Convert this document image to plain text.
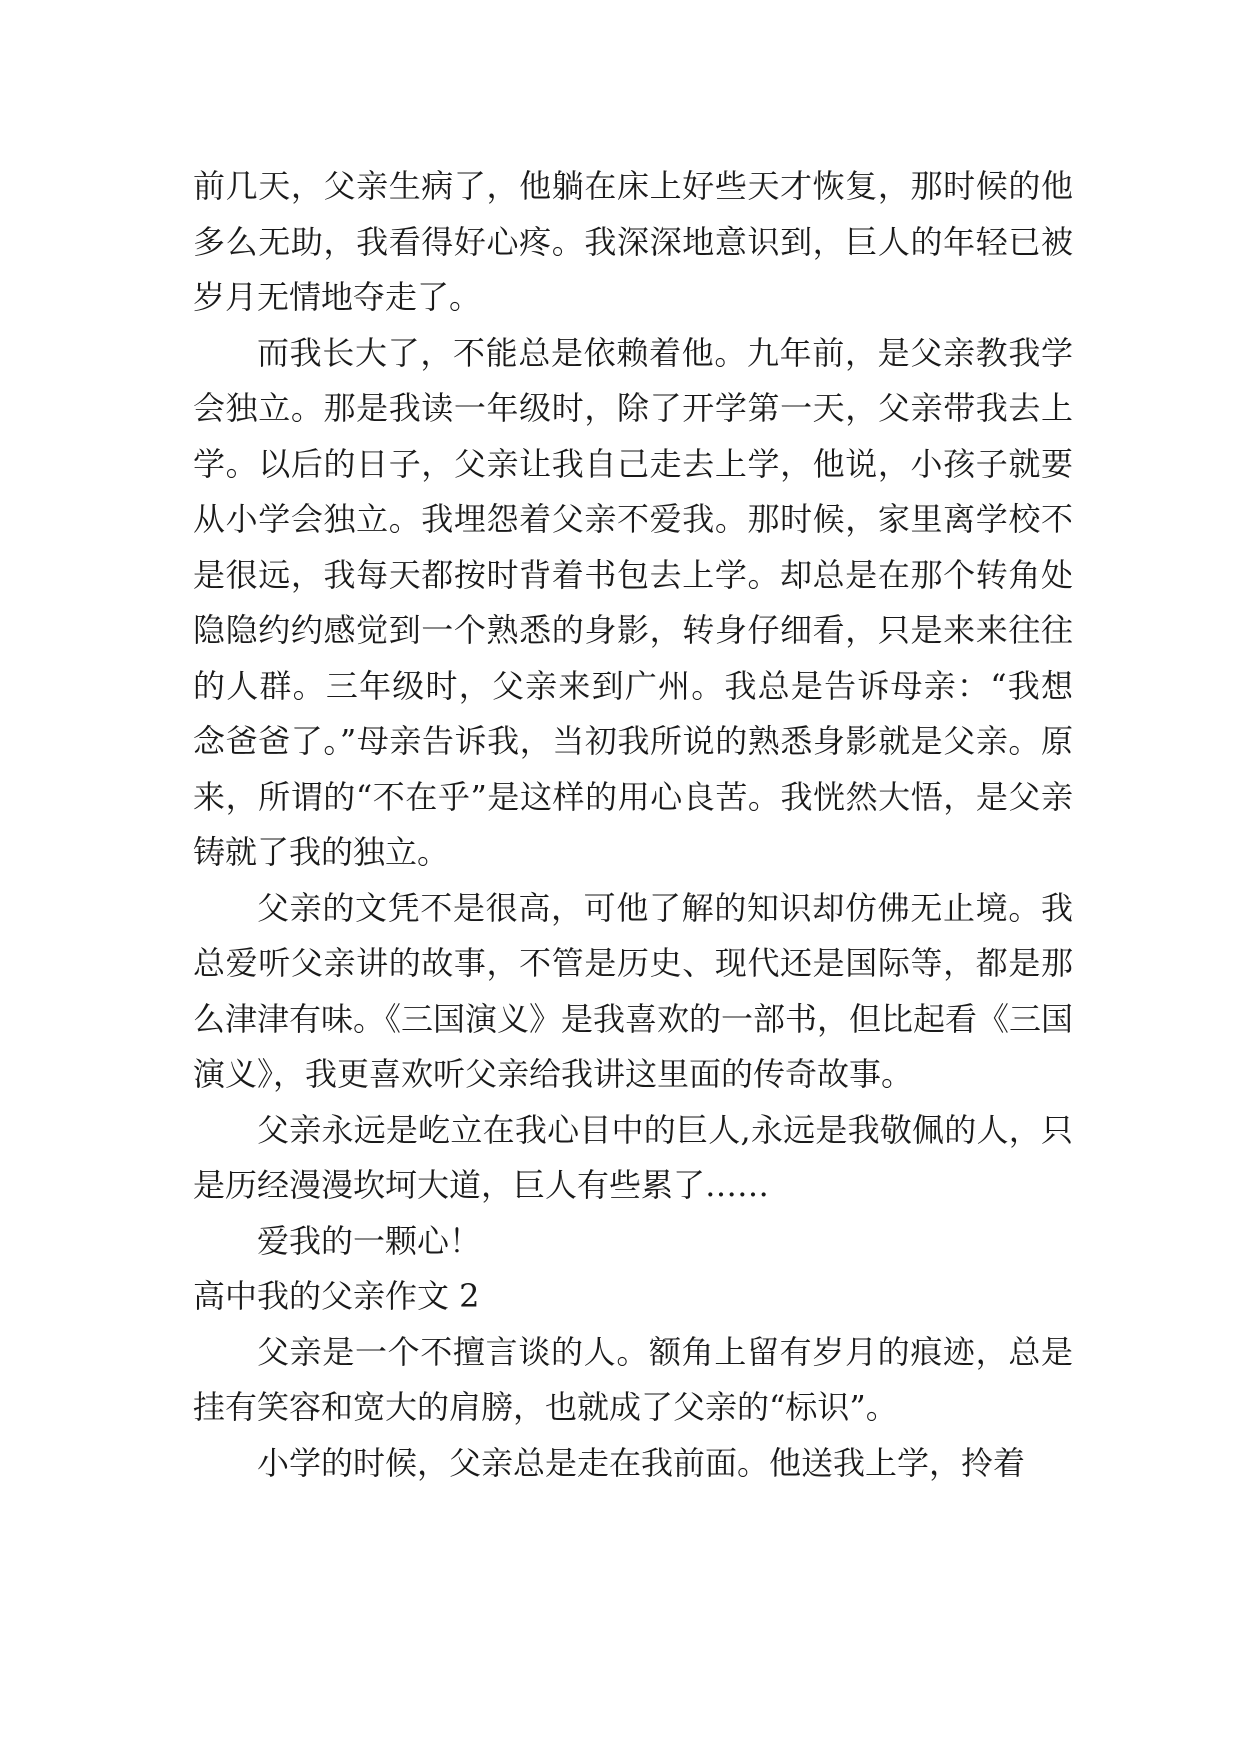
前几天，父亲生病了，他躺在床上好些天才恢复，那时候的他多么无助，我看得好心疼。我深深地意识到，巨人的年轻已被岁月无情地夺走了。

而我长大了，不能总是依赖着他。九年前，是父亲教我学会独立。那是我读一年级时，除了开学第一天，父亲带我去上学。以后的日子，父亲让我自己走去上学，他说，小孩子就要从小学会独立。我埋怨着父亲不爱我。那时候，家里离学校不是很远，我每天都按时背着书包去上学。却总是在那个转角处隐隐约约感觉到一个熟悉的身影，转身仔细看，只是来来往往的人群。三年级时，父亲来到广州。我总是告诉母亲：“我想念爸爸了。”母亲告诉我，当初我所说的熟悉身影就是父亲。原来，所谓的“不在乎”是这样的用心良苦。我恍然大悟，是父亲铸就了我的独立。

父亲的文凭不是很高，可他了解的知识却仿佛无止境。我总爱听父亲讲的故事，不管是历史、现代还是国际等，都是那么津津有味。《三国演义》是我喜欢的一部书，但比起看《三国演义》，我更喜欢听父亲给我讲这里面的传奇故事。

父亲永远是屹立在我心目中的巨人,永远是我敬佩的人，只是历经漫漫坎坷大道，巨人有些累了……

爱我的一颗心！

高中我的父亲作文 2

父亲是一个不擅言谈的人。额角上留有岁月的痕迹，总是挂有笑容和宽大的肩膀，也就成了父亲的“标识”。

小学的时候，父亲总是走在我前面。他送我上学，拎着
